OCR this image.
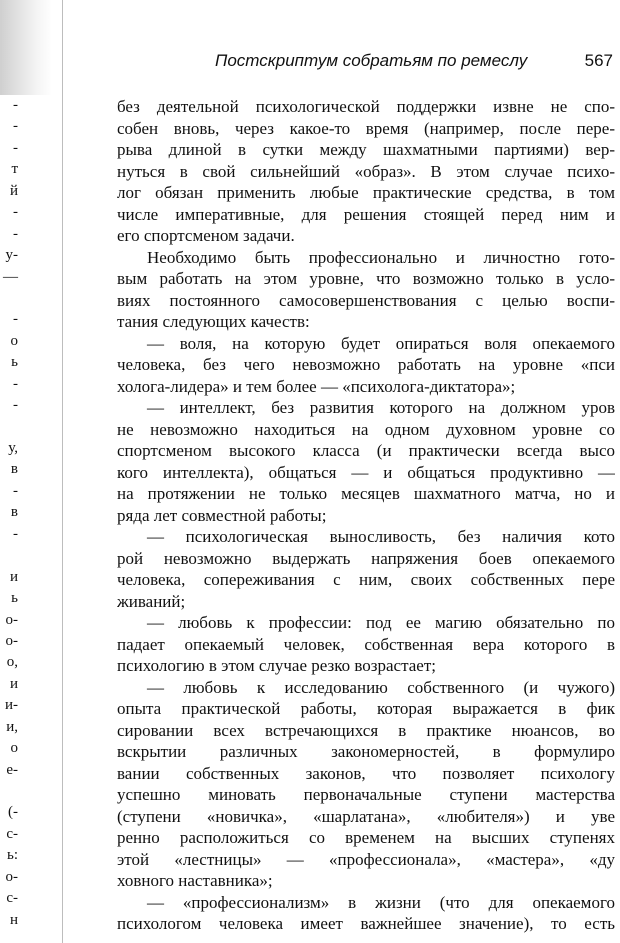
-
-
-
т
й
-
-
у-
—
-
о
ь
-
-
у,
в
-
в
-
и
ь
о-
о-
о,
и
и-
и,
о
е-
(-
с-
ь:
о-
с-
н
Постскриптум собратьям по ремеслу	567
без деятельной психологической поддержки извне не спо-
собен вновь, через какое-то время (например, после пере-
рыва длиной в сутки между шахматными партиями) вер-
нуться в свой сильнейший «образ». В этом случае психо-
лог обязан применить любые практические средства, в том
числе императивные, для решения стоящей перед ним и
его спортсменом задачи.
Необходимо быть профессионально и личностно гото-
вым работать на этом уровне, что возможно только в усло-
виях постоянного самосовершенствования с целью воспи-
тания следующих качеств:
— воля, на которую будет опираться воля опекаемого
человека, без чего невозможно работать на уровне «пси
холога-лидера» и тем более — «психолога-диктатора»;
— интеллект, без развития которого на должном уров
не невозможно находиться на одном духовном уровне со
спортсменом высокого класса (и практически всегда высо
кого интеллекта), общаться — и общаться продуктивно —
на протяжении не только месяцев шахматного матча, но и
ряда лет совместной работы;
— психологическая выносливость, без наличия кото
рой невозможно выдержать напряжения боев опекаемого
человека, сопереживания с ним, своих собственных пере
живаний;
— любовь к профессии: под ее магию обязательно по
падает опекаемый человек, собственная вера которого в
психологию в этом случае резко возрастает;
— любовь к исследованию собственного (и чужого)
опыта практической работы, которая выражается в фик
сировании всех встречающихся в практике нюансов, во
вскрытии различных закономерностей, в формулиро
вании собственных законов, что позволяет психологу
успешно миновать первоначальные ступени мастерства
(ступени «новичка», «шарлатана», «любителя») и уве
ренно расположиться со временем на высших ступенях
этой «лестницы» — «профессионала», «мастера», «ду
ховного наставника»;
— «профессионализм» в жизни (что для опекаемого
психологом человека имеет важнейшее значение), то есть
